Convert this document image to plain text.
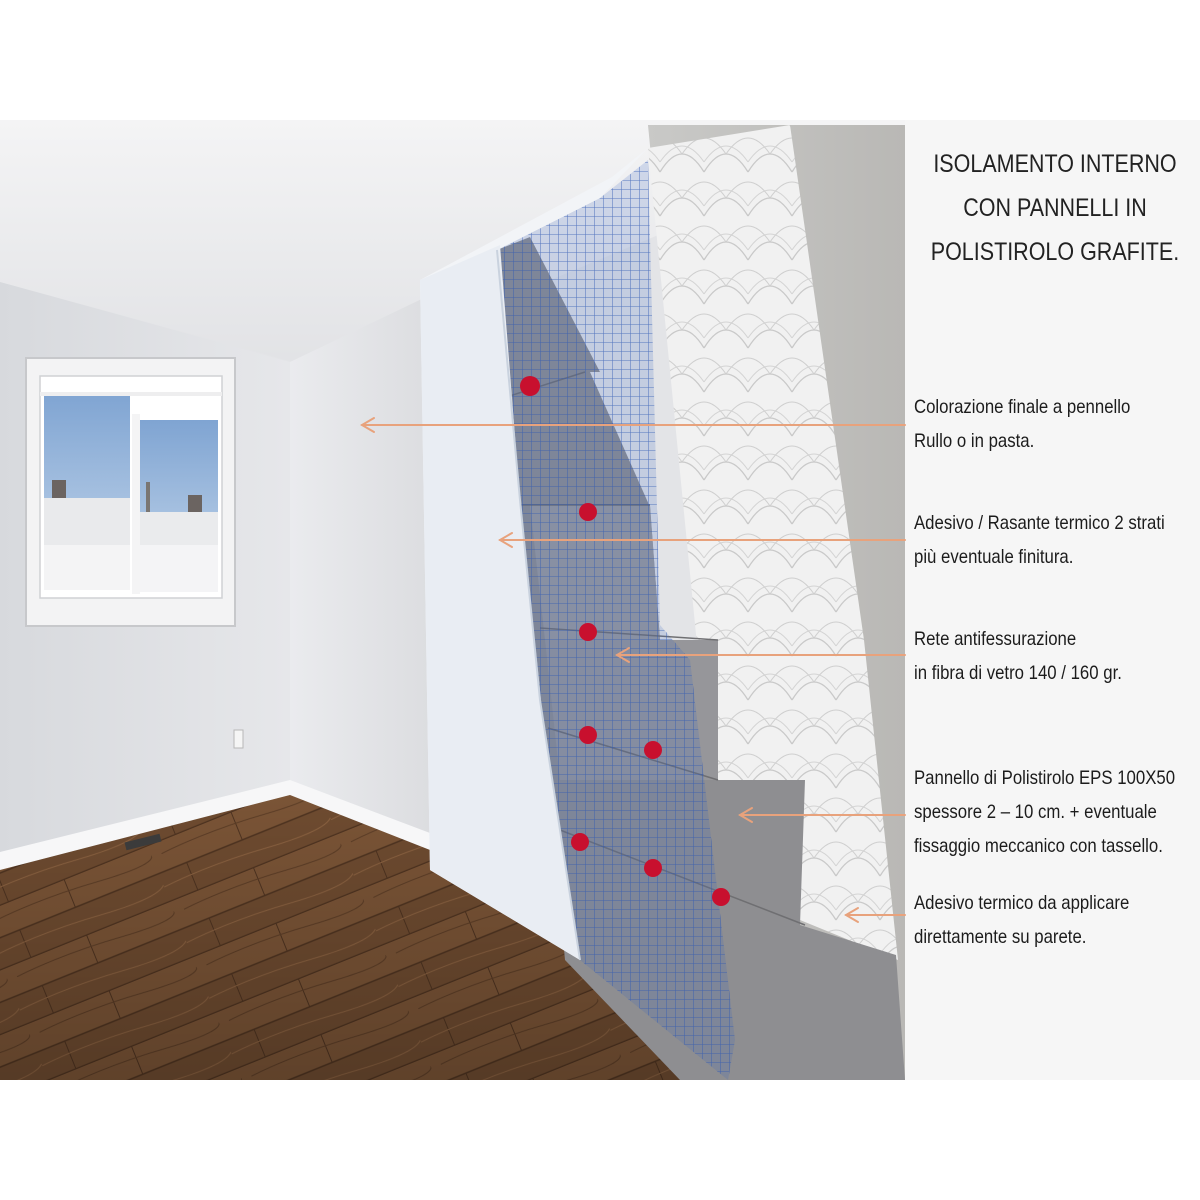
ISOLAMENTO INTERNO
CON PANNELLI IN
POLISTIROLO GRAFITE.
Colorazione finale a pennello
Rullo o in pasta.
Adesivo / Rasante termico 2 strati
più eventuale finitura.
Rete antifessurazione
in fibra di vetro 140 / 160 gr.
Pannello di Polistirolo EPS 100X50
spessore 2 – 10 cm. + eventuale
fissaggio meccanico con tassello.
Adesivo termico da applicare
direttamente su parete.
